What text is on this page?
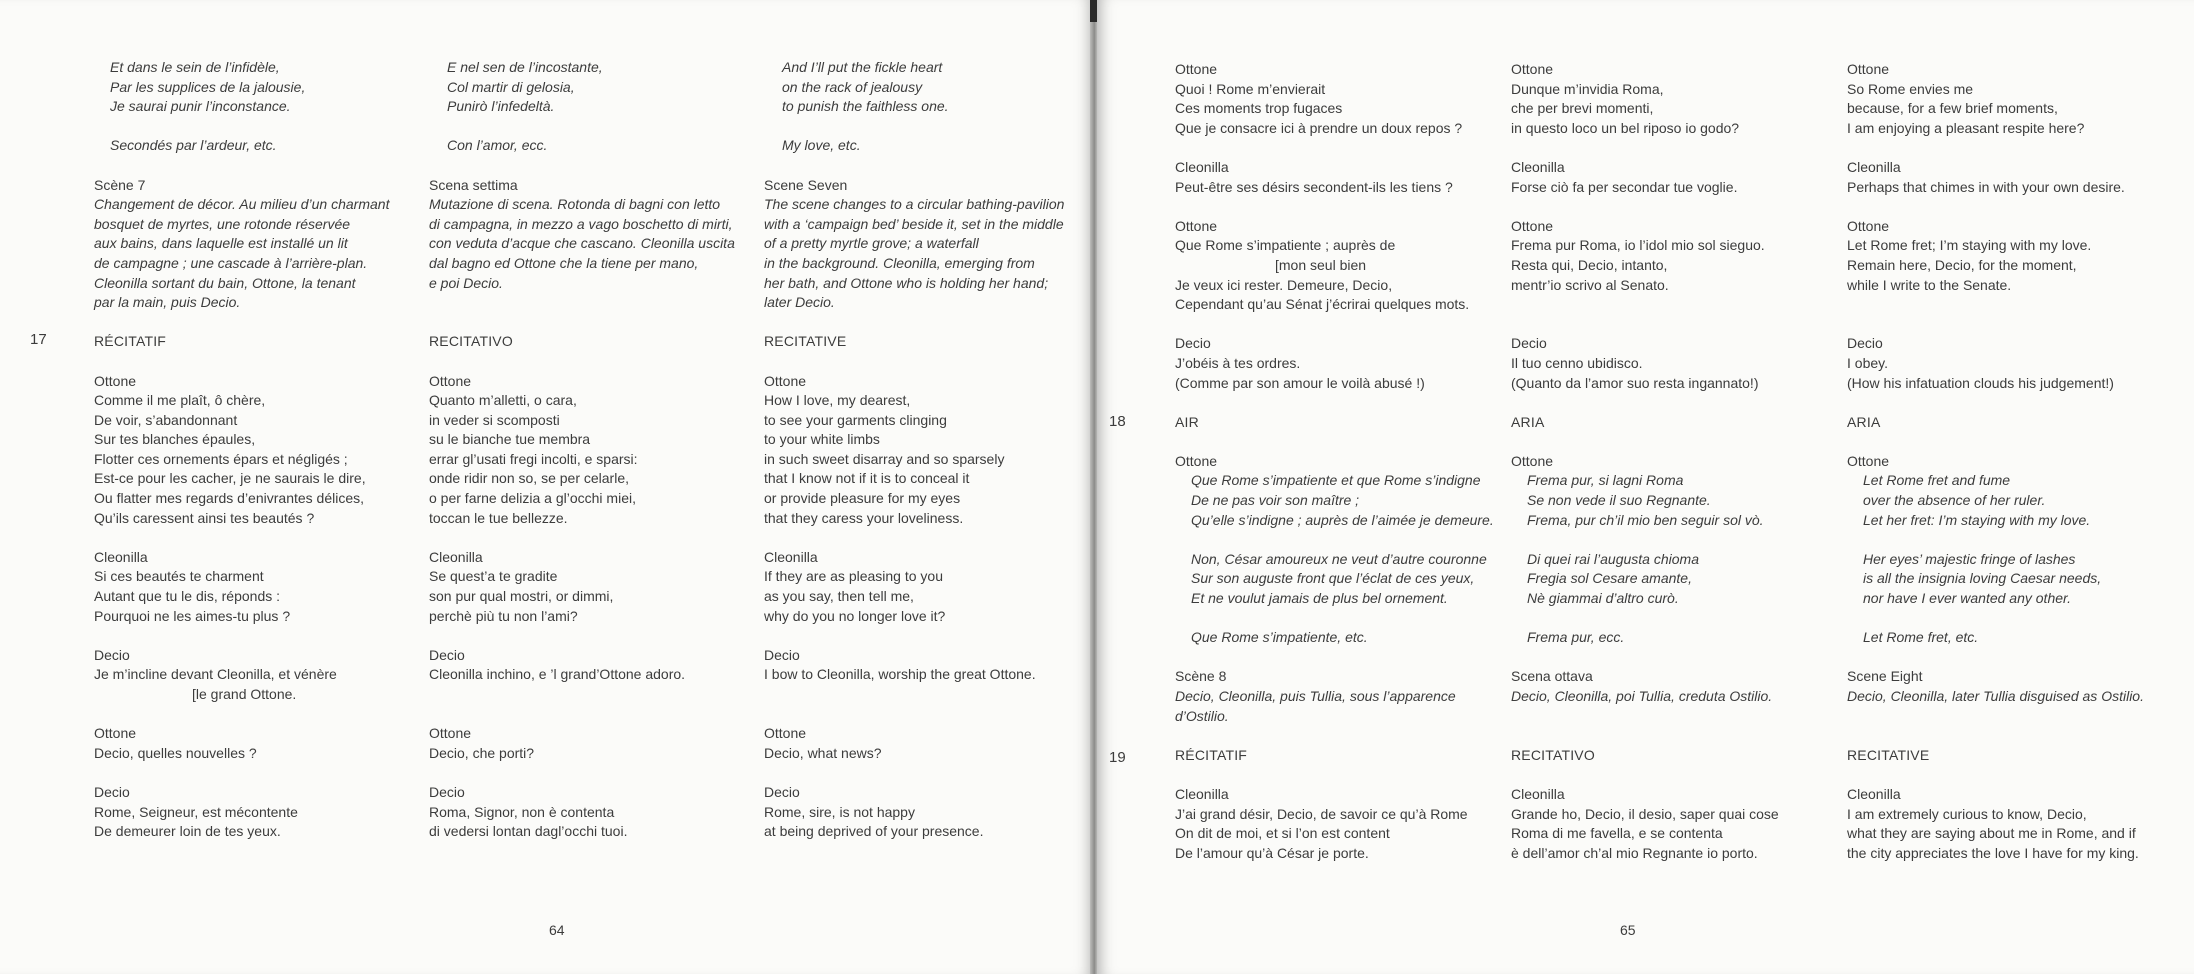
17
Et dans le sein de l’infidèle,
Par les supplices de la jalousie,
Je saurai punir l’inconstance.
Secondés par l’ardeur, etc.
Scène 7
Changement de décor. Au milieu d’un charmant
bosquet de myrtes, une rotonde réservée
aux bains, dans laquelle est installé un lit
de campagne ; une cascade à l’arrière-plan.
Cleonilla sortant du bain, Ottone, la tenant
par la main, puis Decio.
RÉCITATIF
Ottone
Comme il me plaît, ô chère,
De voir, s’abandonnant
Sur tes blanches épaules,
Flotter ces ornements épars et négligés ;
Est-ce pour les cacher, je ne saurais le dire,
Ou flatter mes regards d’enivrantes délices,
Qu’ils caressent ainsi tes beautés ?
Cleonilla
Si ces beautés te charment
Autant que tu le dis, réponds :
Pourquoi ne les aimes-tu plus ?
Decio
Je m’incline devant Cleonilla, et vénère
[le grand Ottone.
Ottone
Decio, quelles nouvelles ?
Decio
Rome, Seigneur, est mécontente
De demeurer loin de tes yeux.
E nel sen de l’incostante,
Col martir di gelosia,
Punirò l’infedeltà.
Con l’amor, ecc.
Scena settima
Mutazione di scena. Rotonda di bagni con letto
di campagna, in mezzo a vago boschetto di mirti,
con veduta d’acque che cascano. Cleonilla uscita
dal bagno ed Ottone che la tiene per mano,
e poi Decio.
RECITATIVO
Ottone
Quanto m’alletti, o cara,
in veder si scomposti
su le bianche tue membra
errar gl’usati fregi incolti, e sparsi:
onde ridir non so, se per celarle,
o per farne delizia a gl’occhi miei,
toccan le tue bellezze.
Cleonilla
Se quest’a te gradite
son pur qual mostri, or dimmi,
perchè più tu non l’ami?
Decio
Cleonilla inchino, e ’l grand’Ottone adoro.
Ottone
Decio, che porti?
Decio
Roma, Signor, non è contenta
di vedersi lontan dagl’occhi tuoi.
And I’ll put the fickle heart
on the rack of jealousy
to punish the faithless one.
My love, etc.
Scene Seven
The scene changes to a circular bathing-pavilion
with a ‘campaign bed’ beside it, set in the middle
of a pretty myrtle grove; a waterfall
in the background. Cleonilla, emerging from
her bath, and Ottone who is holding her hand;
later Decio.
RECITATIVE
Ottone
How I love, my dearest,
to see your garments clinging
to your white limbs
in such sweet disarray and so sparsely
that I know not if it is to conceal it
or provide pleasure for my eyes
that they caress your loveliness.
Cleonilla
If they are as pleasing to you
as you say, then tell me,
why do you no longer love it?
Decio
I bow to Cleonilla, worship the great Ottone.
Ottone
Decio, what news?
Decio
Rome, sire, is not happy
at being deprived of your presence.
64
18
19
Ottone
Quoi ! Rome m’envierait
Ces moments trop fugaces
Que je consacre ici à prendre un doux repos ?
Cleonilla
Peut-être ses désirs secondent-ils les tiens ?
Ottone
Que Rome s’impatiente ; auprès de
[mon seul bien
Je veux ici rester. Demeure, Decio,
Cependant qu’au Sénat j’écrirai quelques mots.
Decio
J’obéis à tes ordres.
(Comme par son amour le voilà abusé !)
AIR
Ottone
Que Rome s’impatiente et que Rome s’indigne
De ne pas voir son maître ;
Qu’elle s’indigne ; auprès de l’aimée je demeure.
Non, César amoureux ne veut d’autre couronne
Sur son auguste front que l’éclat de ces yeux,
Et ne voulut jamais de plus bel ornement.
Que Rome s’impatiente, etc.
Scène 8
Decio, Cleonilla, puis Tullia, sous l’apparence
d’Ostilio.
RÉCITATIF
Cleonilla
J’ai grand désir, Decio, de savoir ce qu’à Rome
On dit de moi, et si l’on est content
De l’amour qu’à César je porte.
Ottone
Dunque m’invidia Roma,
che per brevi momenti,
in questo loco un bel riposo io godo?
Cleonilla
Forse ciò fa per secondar tue voglie.
Ottone
Frema pur Roma, io l’idol mio sol sieguo.
Resta qui, Decio, intanto,
mentr’io scrivo al Senato.
Decio
Il tuo cenno ubidisco.
(Quanto da l’amor suo resta ingannato!)
ARIA
Ottone
Frema pur, si lagni Roma
Se non vede il suo Regnante.
Frema, pur ch’il mio ben seguir sol vò.
Di quei rai l’augusta chioma
Fregia sol Cesare amante,
Nè giammai d’altro curò.
Frema pur, ecc.
Scena ottava
Decio, Cleonilla, poi Tullia, creduta Ostilio.
RECITATIVO
Cleonilla
Grande ho, Decio, il desio, saper quai cose
Roma di me favella, e se contenta
è dell’amor ch’al mio Regnante io porto.
Ottone
So Rome envies me
because, for a few brief moments,
I am enjoying a pleasant respite here?
Cleonilla
Perhaps that chimes in with your own desire.
Ottone
Let Rome fret; I’m staying with my love.
Remain here, Decio, for the moment,
while I write to the Senate.
Decio
I obey.
(How his infatuation clouds his judgement!)
ARIA
Ottone
Let Rome fret and fume
over the absence of her ruler.
Let her fret: I’m staying with my love.
Her eyes’ majestic fringe of lashes
is all the insignia loving Caesar needs,
nor have I ever wanted any other.
Let Rome fret, etc.
Scene Eight
Decio, Cleonilla, later Tullia disguised as Ostilio.
RECITATIVE
Cleonilla
I am extremely curious to know, Decio,
what they are saying about me in Rome, and if
the city appreciates the love I have for my king.
65
